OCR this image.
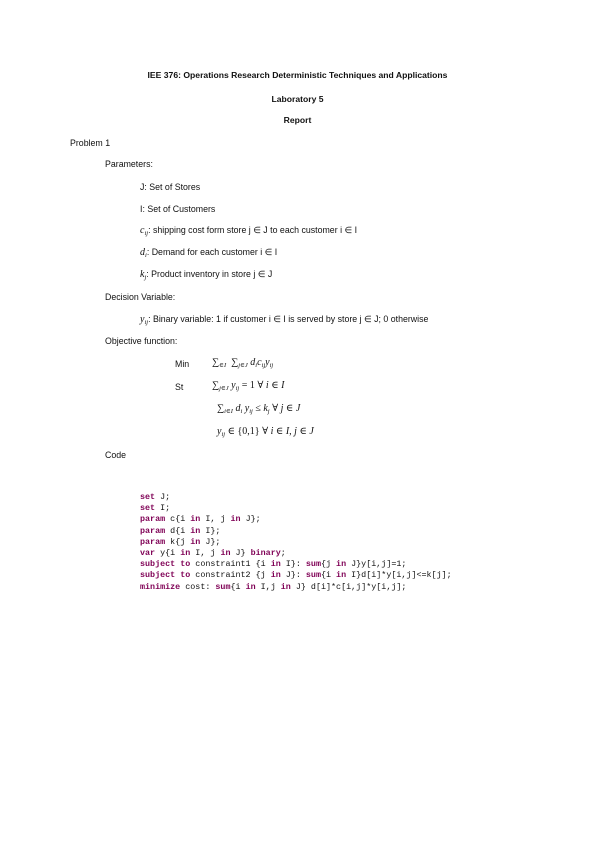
IEE 376: Operations Research Deterministic Techniques and Applications
Laboratory 5
Report
Problem 1
Parameters:
J: Set of Stores
I: Set of Customers
$c_{ij}$: shipping cost form store j ∈ J to each customer i ∈ I
$d_i$: Demand for each customer i ∈ I
$k_j$: Product inventory in store j ∈ J
Decision Variable:
$y_{ij}$: Binary variable: 1 if customer i ∈ I is served by store j ∈ J; 0 otherwise
Objective function:
Min $\sum_{\in I}$ $\sum_{j\in J}$ $d_ic_{ij}y_{ij}$
St	$\sum_{j\in J}$ $y_{ij} = 1$ ∀ i ∈ I
$\sum_{i\in I}$ $d_i$ $y_{ij} \le k_j$ ∀ j ∈ J
$y_{ij}$ ∈ {0,1} ∀ i ∈ I, j ∈ J
Code
set J;
set I;
param c{i in I, j in J};
param d{i in I};
param k{j in J};
var y{i in I, j in J} binary;
subject to constraint1 {i in I}: sum{j in J}y[i,j]=1;
subject to constraint2 {j in J}: sum{i in I}d[i]*y[i,j]<=k[j];
minimize cost: sum{i in I,j in J} d[i]*c[i,j]*y[i,j];
